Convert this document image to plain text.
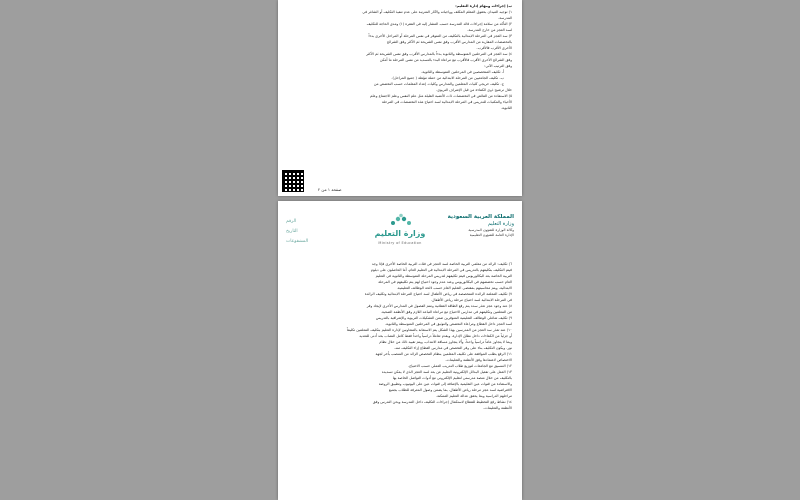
ب) إجراءات ومهام إدارة التعليم:
١) توجيه الميدان بحقوق المعلم المكلف وواجباته والآثار المترتبة على عدم تنفيذ التكليف أو الشاغر في
المدرسة.
٢) التأكد من سلامة إجراءات قائد المدرسة حسب المشار إليه في الفقرة (١) ومدى الحاجة للتكليف
لسد العجز من خارج المدرسة.
٣) سد العجز في المرحلة الابتدائية بالتكليف من المتوفر في نفس المرحلة أو المراحل الأخرى بدءاً
بالتخصصات المقاربة من المدارس الأقرب وفق نفس الشريحة ثم الأكثر وفق الشرائح
الأخرى الأقرب فالأقرب.
٤) سد العجز في المرحلتين المتوسطة والثانوية بدءاً بالمدارس الأقرب وفق نفس الشريحة ثم الأكثر
وفق الشرائح الأخرى الأقرب فالأقرب مع مراعاة البدء بالتسديد من نفس المرحلة ما أمكن
وفق الترتيب الآتي:
أ- تكليف المتخصصين في المرحلتين المتوسطة والثانوية.
ب- تكليف الجامعيين من المرحلة الابتدائية من حملة مؤهلة ( جميع المراحل).
ج- تكليف خريجي كليات المعلمين والمدارس وكليات إعداد المعلمات حسب التخصص من
خلال ترشيح ذوي الكفاءة من قبل الإشراف التربوي.
٥) الاستفادة من الفائض في التخصصات ذات الأنصبة القليلة مثل علم النفس وعلم الاجتماع وعلم
الأحياء والمكتبات للتدريس في المرحلة الابتدائية لسد احتياج هذه التخصصات في المرحلة
الثانوية.
صفحة ١ من ٢
المملكة العربية السعودية
وزارة التعليم
وكالة الوزارة للشؤون المدرسية
الإدارة العامة للشؤون التعليمية
وزارة التعليم
Ministry of Education
الرقم
التاريخ
المشفوعات
٦) تكليف: الرائد من معلمي التربية الخاصة لسد العجز في فئات التربية الخاصة الأخرى فإذا وجد
فيتم التكليف بتكليفهم بالتدريس في المرحلة الابتدائية في التعليم العام، أما الحاصلون على دبلوم
التربية الخاصة بعد البكالوريوس فيتم تكليفهم لتدريس المرحلة المتوسطة والثانوية في التعليم
العام حسب تخصصهم في البكالوريوس وعند عدم وجود احتياج لهم يتم تكليفهم في المرحلة
الابتدائية، وبتم محاسبتهم بمقتضى التعليم العام حسب لائحة الوظائف التعليمية.
٧) تكليف المعلمة الرائدة المتخصصة في رياض الأطفال لسد احتياج المرحلة الابتدائية وتكليف الرائدة
في المرحلة الابتدائية لسد احتياج مرحلة رياض الأطفال.
٨) عند وجود عجز تعذر سده يتم رفع الطاقة العقلانية ومتم الفصول في المدارس الأخرى لإيجاد وفر
من المعلمين وتكليفهم في مدارس الاحتياج مع مراعاة التباعد اللازم وفق الأنظمة الصحية.
٩) تكليف شاغلي الوظائف التعليمية المتوفرين ضمن التشكيلات التربوية والإشرافية بالتدريس
لسد العجز داخل القطاع ومراعاة التخصص والتوثيق في المرحلتين المتوسطة والثانوية.
١٠) عند تعذر سد العجز من المدرسين بهذا الشكل يتم الاستعانة بالمتعاونين لإدارة التعليم بتكليف المعلمين تكليفاً
أو جزئياً من الكفاءات داخل نطاق الإدارة، ويقدم تعاملاً دراسياً واحداً فقط كامل النصاب بحد أدنى للتعديد
وبما لا يتجاوز عاماً دراسياً واحداً، وألا يتجاوز مسافة الانتداب، ويتم تقييد ذلك من خلال نظام
نور. ويكون التكليف بناء على وفر التخصص في مدارس القطاع إزاء التكليف منه.
١١) الرفع بطلب الموافقة على تكليف المعلمين بنظام التخصص الزائد من المنصب بأخر لجهة
الاختصاص لاعتمادها وفق الأنظمة والتعليمات.
١٢) التنسيق مع الجامعات لتوزيع طلاب التدريب العملي حسب الاحتياج.
١٣) العمل على تفعيل البدائل الإلكترونية التعليم عن بعد لسد العجز الذي لا يمكن تسديده
بالتكليف من خلال منصة مدرستي لتعليم الإلكتروني مع أدوات التواصل الخاصة بها
والاستفادة من قنوات عين التعليمية بالإضافة إلى قنوات عين على اليوتيوب وتطبيق الروضة
الافتراضية لسد عجز مرحلة رياض الأطفال، بما يضمن وصول المعرفة للطلاب بجميع
مراحلهم الدراسية وبما يحقق عدالة التعليم الممكنة.
١٤) نشاط رفع التخطيط للقطاع لاستكمال إجراءات التكليف داخل المدرسة ويحن التدرس وفق
الأنظمة والتعليمات.
